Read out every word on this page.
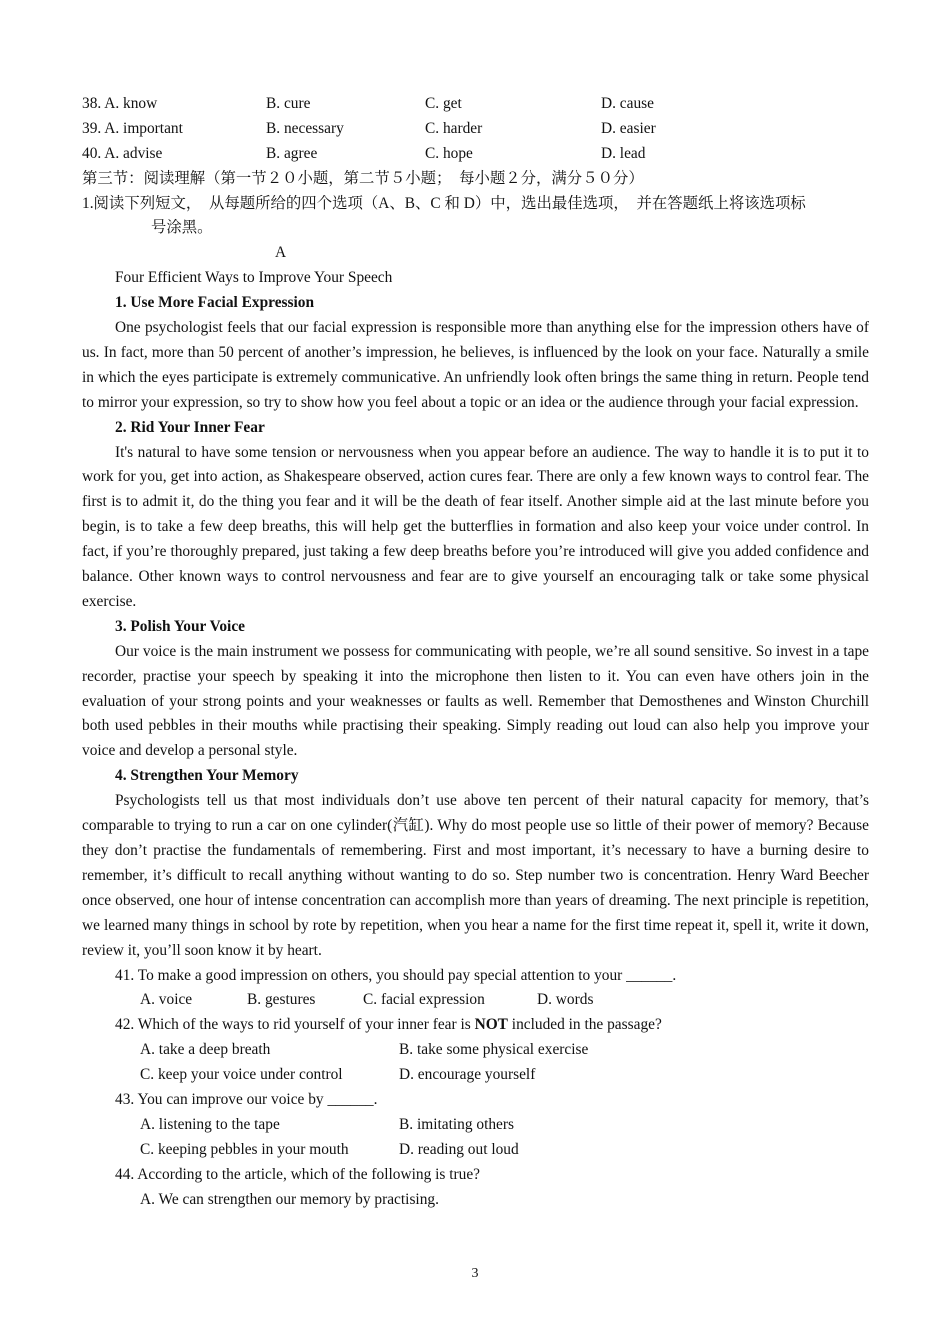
38. A. know	B. cure	C. get	D. cause
39. A. important	B. necessary	C. harder	D. easier
40. A. advise	B. agree	C. hope	D. lead
第三节：阅读理解（第一节２０小题，第二节５小题；　每小题２分，满分５０分）
1.阅读下列短文，　从每题所给的四个选项（A、B、C 和 D）中，选出最佳选项，　并在答题纸上将该选项标
号涂黑。
A
Four Efficient Ways to Improve Your Speech
1. Use More Facial Expression

One psychologist feels that our facial expression is responsible more than anything else for the impression others have of us. In fact, more than 50 percent of another’s impression, he believes, is influenced by the look on your face. Naturally a smile in which the eyes participate is extremely communicative. An unfriendly look often brings the same thing in return. People tend to mirror your expression, so try to show how you feel about a topic or an idea or the audience through your facial expression.

2. Rid Your Inner Fear

It's natural to have some tension or nervousness when you appear before an audience. The way to handle it is to put it to work for you, get into action, as Shakespeare observed, action cures fear. There are only a few known ways to control fear. The first is to admit it, do the thing you fear and it will be the death of fear itself. Another simple aid at the last minute before you begin, is to take a few deep breaths, this will help get the butterflies in formation and also keep your voice under control. In fact, if you’re thoroughly prepared, just taking a few deep breaths before you’re introduced will give you added confidence and balance. Other known ways to control nervousness and fear are to give yourself an encouraging talk or take some physical exercise.

3. Polish Your Voice

Our voice is the main instrument we possess for communicating with people, we’re all sound sensitive. So invest in a tape recorder, practise your speech by speaking it into the microphone then listen to it. You can even have others join in the evaluation of your strong points and your weaknesses or faults as well. Remember that Demosthenes and Winston Churchill both used pebbles in their mouths while practising their speaking. Simply reading out loud can also help you improve your voice and develop a personal style.

4. Strengthen Your Memory

Psychologists tell us that most individuals don’t use above ten percent of their natural capacity for memory, that’s comparable to trying to run a car on one cylinder(汽缸). Why do most people use so little of their power of memory? Because they don’t practise the fundamentals of remembering. First and most important, it’s necessary to have a burning desire to remember, it’s difficult to recall anything without wanting to do so. Step number two is concentration. Henry Ward Beecher once observed, one hour of intense concentration can accomplish more than years of dreaming. The next principle is repetition, we learned many things in school by rote by repetition, when you hear a name for the first time repeat it, spell it, write it down, review it, you’ll soon know it by heart.

41. To make a good impression on others, you should pay special attention to your ______.
A. voice	B. gestures	C. facial expression	D. words
42. Which of the ways to rid yourself of your inner fear is NOT included in the passage?
A. take a deep breath	B. take some physical exercise
C. keep your voice under control	D. encourage yourself
43. You can improve our voice by ______.
A. listening to the tape	B. imitating others
C. keeping pebbles in your mouth	D. reading out loud
44. According to the article, which of the following is true?
A. We can strengthen our memory by practising.
3
